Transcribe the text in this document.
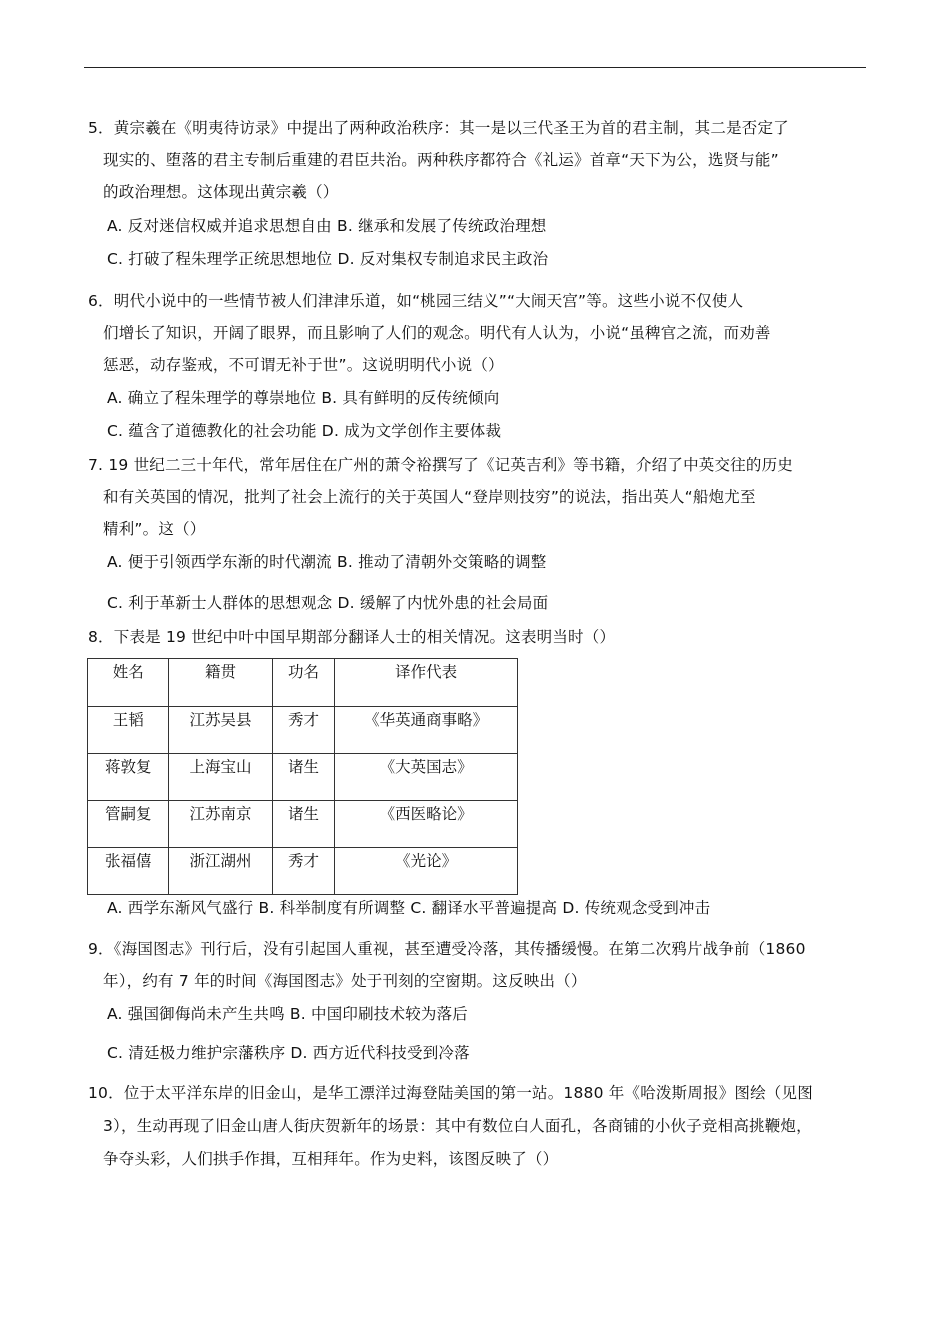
5．黄宗羲在《明夷待访录》中提出了两种政治秩序：其一是以三代圣王为首的君主制，其二是否定了
现实的、堕落的君主专制后重建的君臣共治。两种秩序都符合《礼运》首章“天下为公，选贤与能”
的政治理想。这体现出黄宗羲（）
A. 反对迷信权威并追求思想自由 B. 继承和发展了传统政治理想
C. 打破了程朱理学正统思想地位 D. 反对集权专制追求民主政治
6．明代小说中的一些情节被人们津津乐道，如“桃园三结义”“大闹天宫”等。这些小说不仅使人
们增长了知识，开阔了眼界，而且影响了人们的观念。明代有人认为，小说“虽稗官之流，而劝善
惩恶，动存鉴戒，不可谓无补于世”。这说明明代小说（）
A. 确立了程朱理学的尊崇地位 B. 具有鲜明的反传统倾向
C. 蕴含了道德教化的社会功能 D. 成为文学创作主要体裁
7. 19 世纪二三十年代，常年居住在广州的萧令裕撰写了《记英吉利》等书籍，介绍了中英交往的历史
和有关英国的情况，批判了社会上流行的关于英国人“登岸则技穷”的说法，指出英人“船炮尤至
精利”。这（）
A. 便于引领西学东渐的时代潮流 B. 推动了清朝外交策略的调整
C. 利于革新士人群体的思想观念 D. 缓解了内忧外患的社会局面
8．下表是 19 世纪中叶中国早期部分翻译人士的相关情况。这表明当时（）
姓名	籍贯	功名	译作代表
王韬	江苏吴县	秀才	《华英通商事略》
蒋敦复	上海宝山	诸生	《大英国志》
管嗣复	江苏南京	诸生	《西医略论》
张福僖	浙江湖州	秀才	《光论》
A. 西学东渐风气盛行 B. 科举制度有所调整 C. 翻译水平普遍提高 D. 传统观念受到冲击
9．《海国图志》刊行后，没有引起国人重视，甚至遭受冷落，其传播缓慢。在第二次鸦片战争前（1860
年），约有 7 年的时间《海国图志》处于刊刻的空窗期。这反映出（）
A. 强国御侮尚未产生共鸣 B. 中国印刷技术较为落后
C. 清廷极力维护宗藩秩序 D. 西方近代科技受到冷落
10．位于太平洋东岸的旧金山，是华工漂洋过海登陆美国的第一站。1880 年《哈泼斯周报》图绘（见图
3），生动再现了旧金山唐人街庆贺新年的场景：其中有数位白人面孔，各商铺的小伙子竞相高挑鞭炮，
争夺头彩，人们拱手作揖，互相拜年。作为史料，该图反映了（）
